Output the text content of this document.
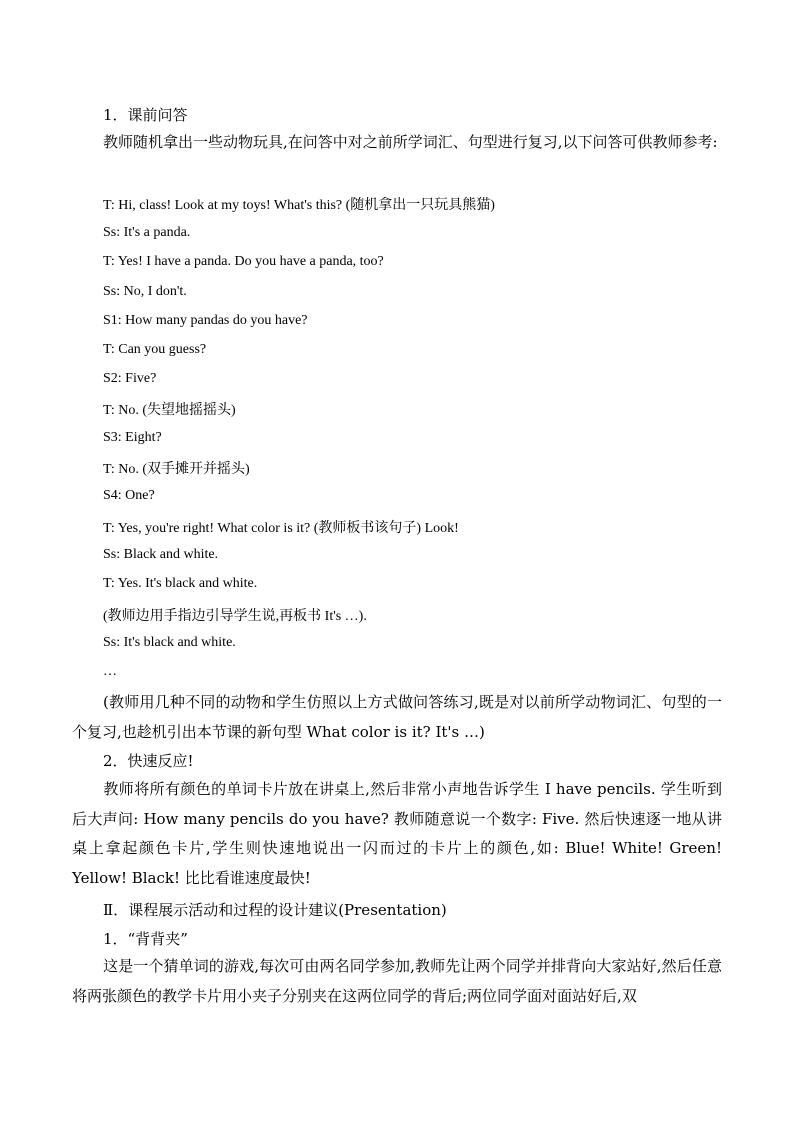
1．课前问答
教师随机拿出一些动物玩具,在问答中对之前所学词汇、句型进行复习,以下问答可供教师参考:
T: Hi, class! Look at my toys! What's this? (随机拿出一只玩具熊猫)
Ss: It's a panda.
T: Yes! I have a panda. Do you have a panda, too?
Ss: No, I don't.
S1: How many pandas do you have?
T: Can you guess?
S2: Five?
T: No. (失望地摇摇头)
S3: Eight?
T: No. (双手摊开并摇头)
S4: One?
T: Yes, you're right! What color is it? (教师板书该句子) Look!
Ss: Black and white.
T: Yes. It's black and white.
(教师边用手指边引导学生说,再板书 It's …).
Ss: It's black and white.
…
(教师用几种不同的动物和学生仿照以上方式做问答练习,既是对以前所学动物词汇、句型的一个复习,也趁机引出本节课的新句型 What color is it? It's …)
2．快速反应!
教师将所有颜色的单词卡片放在讲桌上,然后非常小声地告诉学生 I have pencils. 学生听到后大声问: How many pencils do you have? 教师随意说一个数字: Five. 然后快速逐一地从讲桌上拿起颜色卡片,学生则快速地说出一闪而过的卡片上的颜色,如: Blue! White! Green! Yellow! Black! 比比看谁速度最快!
Ⅱ．课程展示活动和过程的设计建议(Presentation)
1．“背背夹”
这是一个猜单词的游戏,每次可由两名同学参加,教师先让两个同学并排背向大家站好,然后任意将两张颜色的教学卡片用小夹子分别夹在这两位同学的背后;两位同学面对面站好后,双
